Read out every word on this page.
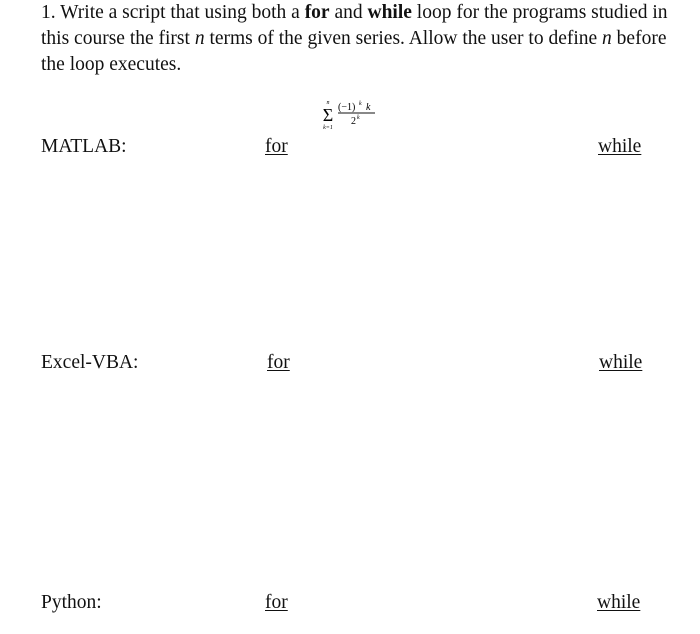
1. Write a script that using both a for and while loop for the programs studied in this course the first n terms of the given series. Allow the user to define n before the loop executes.
n
Σ
k=1
(−1) k k
2 k
MATLAB:	for	while
Excel-VBA:	for	while
Python:	for	while
